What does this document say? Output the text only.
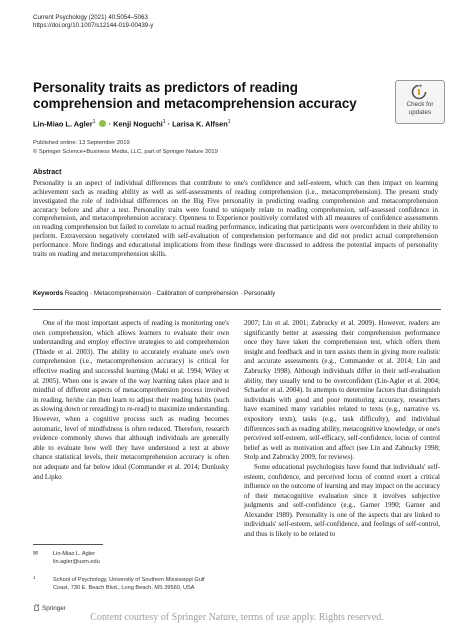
Current Psychology (2021) 40:5054–5063
https://doi.org/10.1007/s12144-019-00439-y
Personality traits as predictors of reading comprehension and metacomprehension accuracy	Check for
updates
Lin-Miao L. Agler$^1$ · Kenji Noguchi$^1$ · Larisa K. Alfsen$^1$
Published online: 13 September 2019
© Springer Science+Business Media, LLC, part of Springer Nature 2019
Abstract

Personality is an aspect of individual differences that contribute to one's confidence and self-esteem, which can then impact on learning achievement such as reading ability as well as self-assessments of reading comprehension (i.e., metacomprehension). The present study investigated the role of individual differences on the Big Five personality in predicting reading comprehension and metacomprehension accuracy before and after a test. Personality traits were found to uniquely relate to reading comprehension, self-assessed confidence in comprehension, and metacomprehension accuracy. Openness to Experience positively correlated with all measures of confidence assessments on reading comprehension but failed to correlate to actual reading performance, indicating that participants were overconfident in their ability to perform. Extraversion negatively correlated with self-evaluation of comprehension performance and did not predict actual comprehension performance. More findings and educational implications from these findings were discussed to address the potential impacts of personality traits on reading and metacomprehension skills.

Keywords Reading · Metacomprehension · Calibration of comprehension · Personality

One of the most important aspects of reading is monitoring one's own comprehension, which allows learners to evaluate their own understanding and employ effective strategies to aid comprehension (Thiede et al. 2003). The ability to accurately evaluate one's own comprehension (i.e., metacomprehension accuracy) is critical for effective reading and successful learning (Maki et al. 1994; Wiley et al. 2005). When one is aware of the way learning takes place and is mindful of different aspects of metacomprehension process involved in reading, he/she can then learn to adjust their reading habits (such as slowing down or rereading) to re-read) to maximize understanding. However, when a cognitive process such as reading becomes automatic, level of mindfulness is often reduced. Therefore, research evidence commonly shows that although individuals are generally able to evaluate how well they have understood a text at above chance statistical levels, their metacomprehension accuracy is often not adequate and far below ideal (Commander et al. 2014; Dunlosky and Lipko

2007; Lin et al. 2001; Zabrucky et al. 2009). However, readers are significantly better at assessing their comprehension performance once they have taken the comprehension test, which offers them insight and feedback and in turn assists them in giving more realistic and accurate assessments (e.g., Commander et al. 2014; Lin and Zabrucky 1998). Although individuals differ in their self-evaluation ability, they usually tend to be overconfident (Lin-Agler et al. 2004; Schaefer et al. 2004). In attempts to determine factors that distinguish individuals with good and poor monitoring accuracy, researchers have examined many variables related to texts (e.g., narrative vs. expository texts), tasks (e.g., task difficulty), and individual differences such as reading ability, metacognitive knowledge, or one's perceived self-esteem, self-efficacy, self-confidence, locus of control belief as well as motivation and affect (see Lin and Zabrucky 1998; Stolp and Zabrucky 2009, for reviews).

Some educational psychologists have found that individuals' self-esteem, confidence, and perceived locus of control exert a critical influence on the outcome of learning and may impact on the accuracy of their metacognitive evaluation since it involves subjective judgments and self-confidence (e.g., Garner 1990; Garner and Alexander 1989). Personality is one of the aspects that are linked to individuals' self-esteem, self-confidence, and feelings of self-control, and thus is likely to be related to

✉	Lin-Miao L. Agler
lin.agler@usm.edu
1	School of Psychology, University of Southern Mississippi Gulf
Coast, 730 E. Beach Blvd., Long Beach, MS 39560, USA
Springer
Content courtesy of Springer Nature, terms of use apply. Rights reserved.
